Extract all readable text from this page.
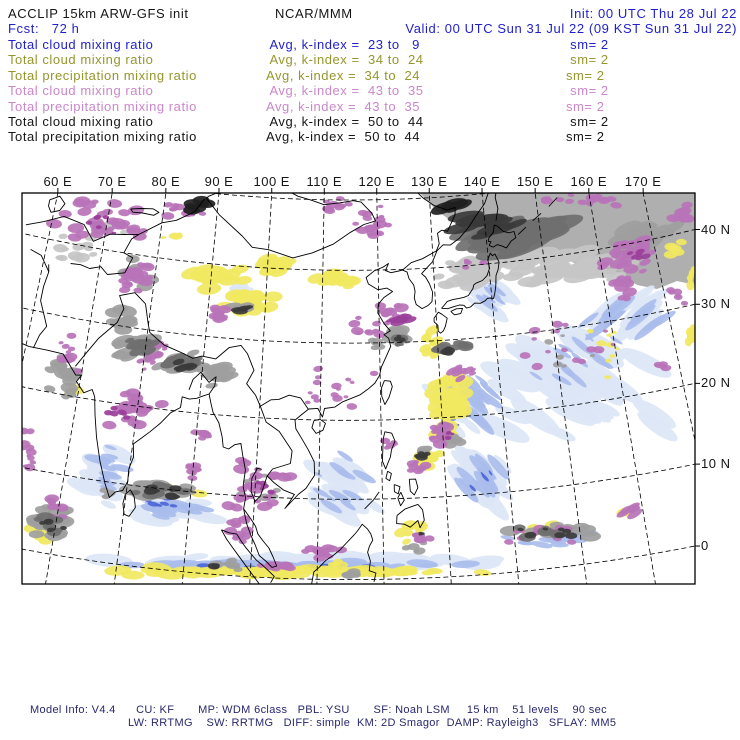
ACCLIP 15km ARW-GFS init	NCAR/MMM	Init: 00 UTC Thu 28 Jul 22
Fcst:   72 h	Valid: 00 UTC Sun 31 Jul 22 (09 KST Sun 31 Jul 22)
Total cloud mixing ratio	Avg, k-index =  23 to   9	sm= 2
Total cloud mixing ratio	Avg, k-index =  34 to  24	sm= 2
Total precipitation mixing ratio	Avg, k-index =  34 to  24	sm= 2
Total cloud mixing ratio	Avg, k-index =  43 to  35	sm= 2
Total precipitation mixing ratio	Avg, k-index =  43 to  35	sm= 2
Total cloud mixing ratio	Avg, k-index =  50 to  44	sm= 2
Total precipitation mixing ratio	Avg, k-index =  50 to  44	sm= 2
60 E 70 E 80 E 90 E 100 E 110 E 120 E 130 E 140 E 150 E 160 E 170 E
40 N
30 N
20 N
10 N
0
Model Info: V4.4      CU: KF       MP: WDM 6class   PBL: YSU       SF: Noah LSM     15 km    51 levels    90 sec
LW: RRTMG    SW: RRTMG   DIFF: simple  KM: 2D Smagor  DAMP: Rayleigh3   SFLAY: MM5
